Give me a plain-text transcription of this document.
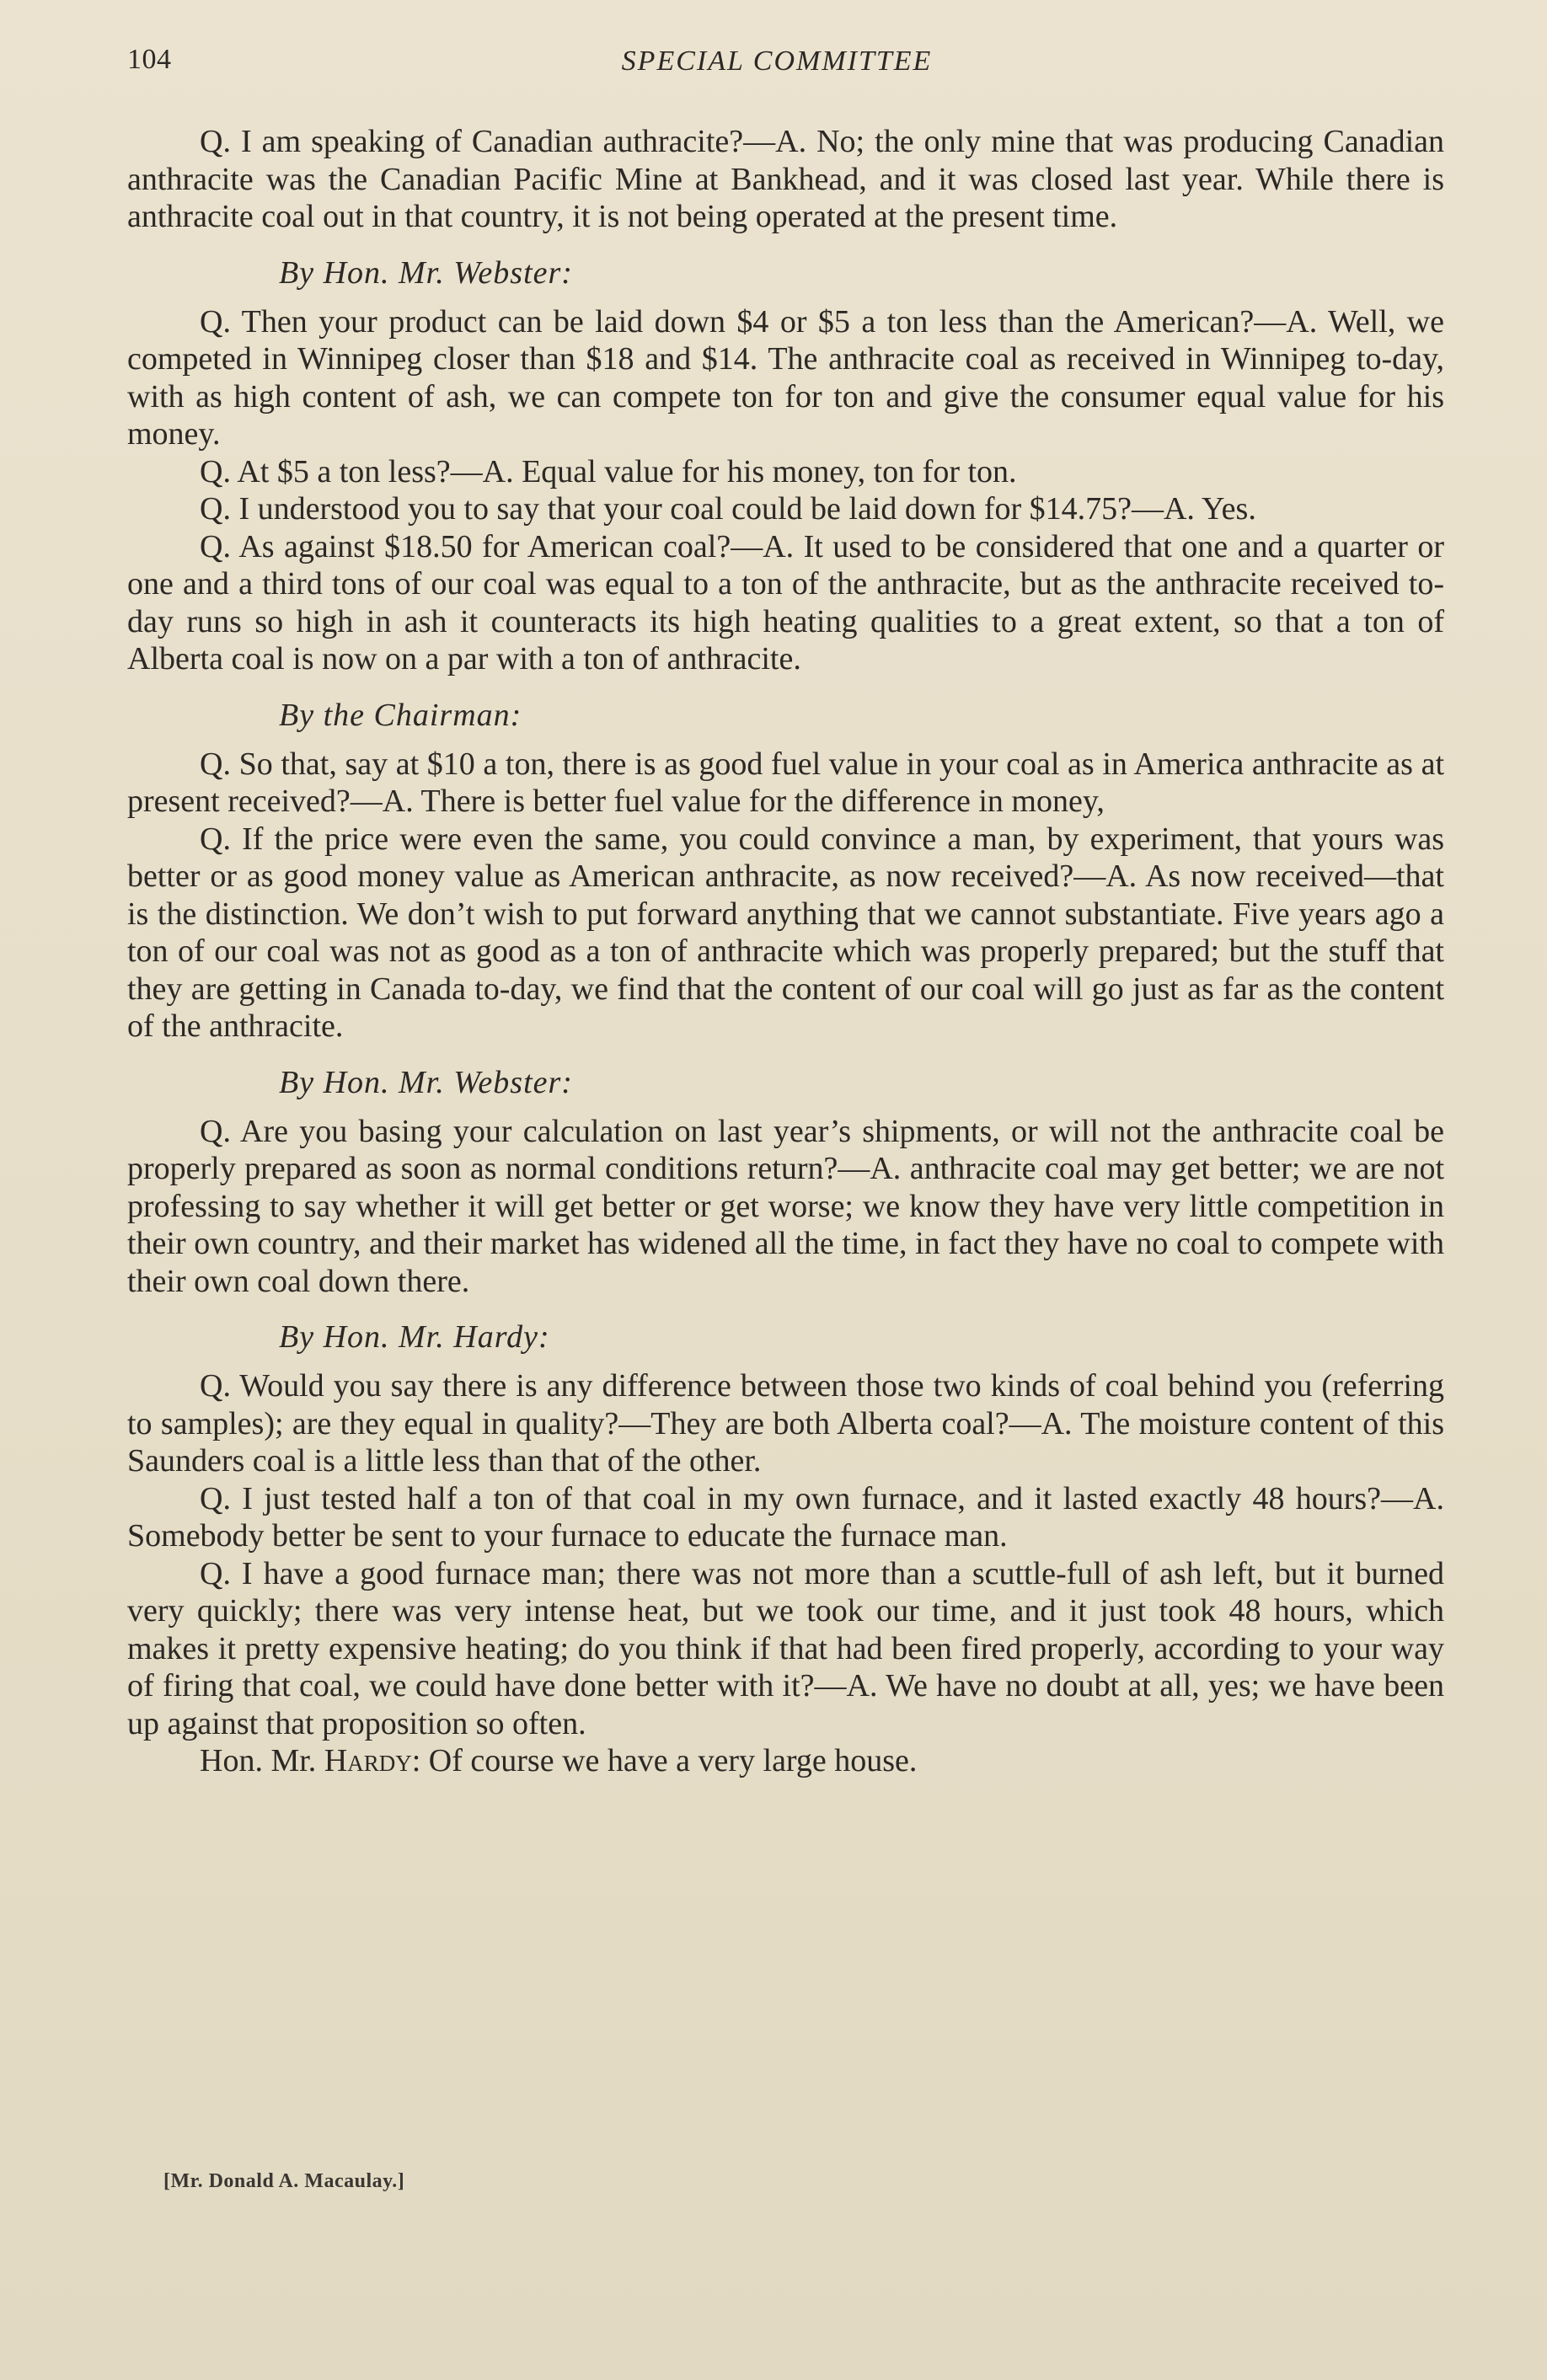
104	SPECIAL COMMITTEE

Q. I am speaking of Canadian authracite?—A. No; the only mine that was producing Canadian anthracite was the Canadian Pacific Mine at Bankhead, and it was closed last year. While there is anthracite coal out in that country, it is not being operated at the present time.

By Hon. Mr. Webster:

Q. Then your product can be laid down $4 or $5 a ton less than the American?—A. Well, we competed in Winnipeg closer than $18 and $14. The anthracite coal as received in Winnipeg to-day, with as high content of ash, we can compete ton for ton and give the consumer equal value for his money.

Q. At $5 a ton less?—A. Equal value for his money, ton for ton.

Q. I understood you to say that your coal could be laid down for $14.75?—A. Yes.

Q. As against $18.50 for American coal?—A. It used to be considered that one and a quarter or one and a third tons of our coal was equal to a ton of the anthracite, but as the anthracite received to-day runs so high in ash it counteracts its high heating qualities to a great extent, so that a ton of Alberta coal is now on a par with a ton of anthracite.

By the Chairman:

Q. So that, say at $10 a ton, there is as good fuel value in your coal as in America anthracite as at present received?—A. There is better fuel value for the difference in money,

Q. If the price were even the same, you could convince a man, by experiment, that yours was better or as good money value as American anthracite, as now received?—A. As now received—that is the distinction. We don’t wish to put forward anything that we cannot substantiate. Five years ago a ton of our coal was not as good as a ton of anthracite which was properly prepared; but the stuff that they are getting in Canada to-day, we find that the content of our coal will go just as far as the content of the anthracite.

By Hon. Mr. Webster:

Q. Are you basing your calculation on last year’s shipments, or will not the anthracite coal be properly prepared as soon as normal conditions return?—A. anthracite coal may get better; we are not professing to say whether it will get better or get worse; we know they have very little competition in their own country, and their market has widened all the time, in fact they have no coal to compete with their own coal down there.

By Hon. Mr. Hardy:

Q. Would you say there is any difference between those two kinds of coal behind you (referring to samples); are they equal in quality?—They are both Alberta coal?—A. The moisture content of this Saunders coal is a little less than that of the other.

Q. I just tested half a ton of that coal in my own furnace, and it lasted exactly 48 hours?—A. Somebody better be sent to your furnace to educate the furnace man.

Q. I have a good furnace man; there was not more than a scuttle-full of ash left, but it burned very quickly; there was very intense heat, but we took our time, and it just took 48 hours, which makes it pretty expensive heating; do you think if that had been fired properly, according to your way of firing that coal, we could have done better with it?—A. We have no doubt at all, yes; we have been up against that proposition so often.

Hon. Mr. Hardy: Of course we have a very large house.

[Mr. Donald A. Macaulay.]
